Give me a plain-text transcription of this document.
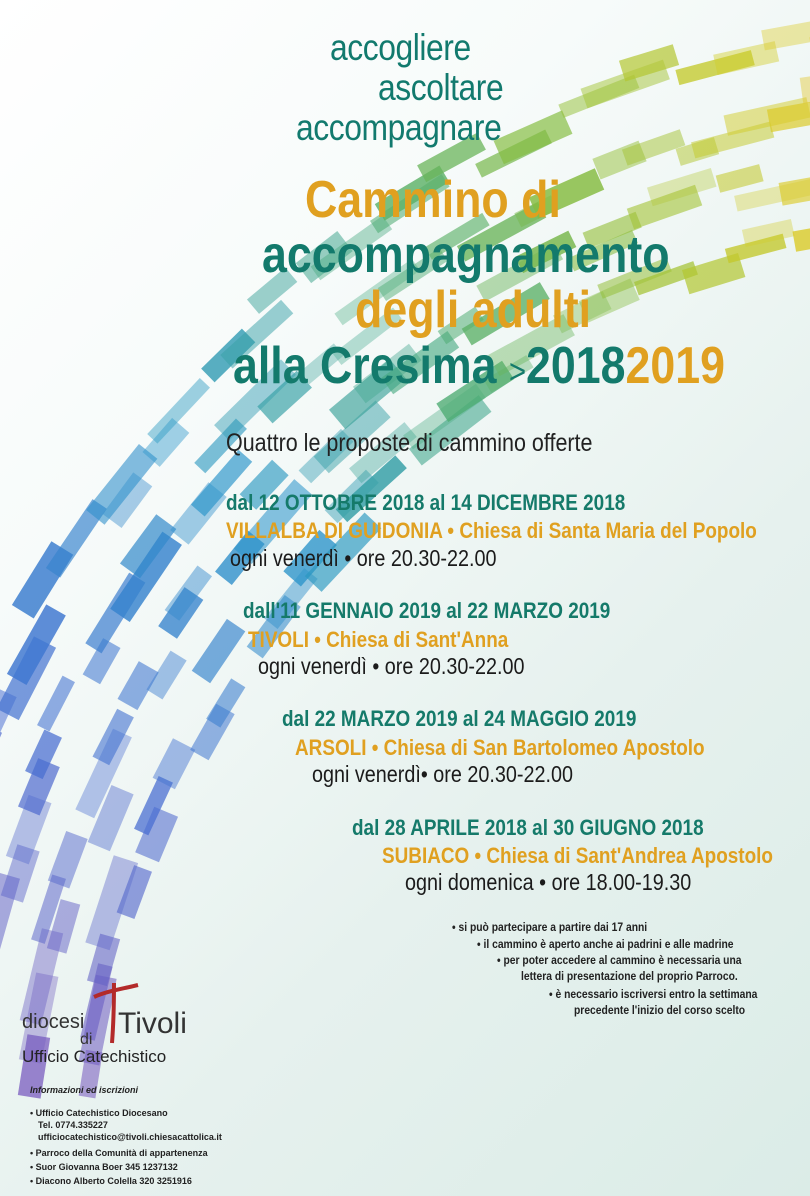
accogliere
ascoltare
accompagnare
Cammino di
accompagnamento
degli adulti
alla Cresima >20182019
Quattro le proposte di cammino offerte
dal 12 OTTOBRE 2018 al 14 DICEMBRE 2018
VILLALBA DI GUIDONIA • Chiesa di Santa Maria del Popolo
ogni venerdì • ore 20.30-22.00
dall'11 GENNAIO 2019 al 22 MARZO 2019
TIVOLI • Chiesa di Sant'Anna
ogni venerdì • ore 20.30-22.00
dal 22 MARZO 2019 al 24 MAGGIO 2019
ARSOLI • Chiesa di San Bartolomeo Apostolo
ogni venerdì• ore 20.30-22.00
dal 28 APRILE 2018 al 30 GIUGNO 2018
SUBIACO • Chiesa di Sant'Andrea Apostolo
ogni domenica • ore 18.00-19.30
• si può partecipare a partire dai 17 anni
• il cammino è aperto anche ai padrini e alle madrine
• per poter accedere al cammino è necessaria una
lettera di presentazione del proprio Parroco.
• è necessario iscriversi entro la settimana
precedente l'inizio del corso scelto
diocesi
di Tivoli
Ufficio Catechistico
Informazioni ed iscrizioni
• Ufficio Catechistico Diocesano
Tel. 0774.335227
ufficiocatechistico@tivoli.chiesacattolica.it
• Parroco della Comunità di appartenenza
• Suor Giovanna Boer 345 1237132
• Diacono Alberto Colella 320 3251916
